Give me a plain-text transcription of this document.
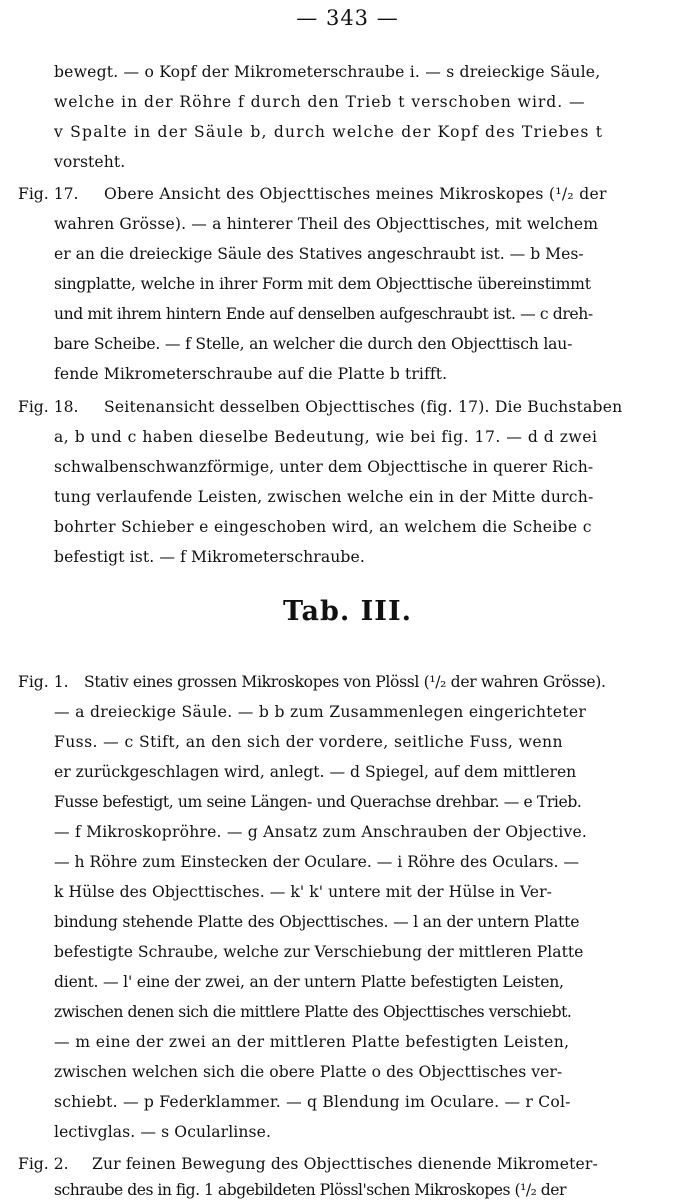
— 343 —
bewegt. — o Kopf der Mikrometerschraube i. — s dreieckige Säule,
welche in der Röhre f durch den Trieb t verschoben wird. —
v Spalte in der Säule b, durch welche der Kopf des Triebes t
vorsteht.
Fig. 17. Obere Ansicht des Objecttisches meines Mikroskopes (¹/₂ der
wahren Grösse). — a hinterer Theil des Objecttisches, mit welchem
er an die dreieckige Säule des Statives angeschraubt ist. — b Mes-
singplatte, welche in ihrer Form mit dem Objecttische übereinstimmt
und mit ihrem hintern Ende auf denselben aufgeschraubt ist. — c dreh-
bare Scheibe. — f Stelle, an welcher die durch den Objecttisch lau-
fende Mikrometerschraube auf die Platte b trifft.
Fig. 18. Seitenansicht desselben Objecttisches (fig. 17). Die Buchstaben
a, b und c haben dieselbe Bedeutung, wie bei fig. 17. — d d zwei
schwalbenschwanzförmige, unter dem Objecttische in querer Rich-
tung verlaufende Leisten, zwischen welche ein in der Mitte durch-
bohrter Schieber e eingeschoben wird, an welchem die Scheibe c
befestigt ist. — f Mikrometerschraube.
Tab. III.
Fig. 1. Stativ eines grossen Mikroskopes von Plössl (¹/₂ der wahren Grösse).
— a dreieckige Säule. — b b zum Zusammenlegen eingerichteter
Fuss. — c Stift, an den sich der vordere, seitliche Fuss, wenn
er zurückgeschlagen wird, anlegt. — d Spiegel, auf dem mittleren
Fusse befestigt, um seine Längen- und Querachse drehbar. — e Trieb.
— f Mikroskopröhre. — g Ansatz zum Anschrauben der Objective.
— h Röhre zum Einstecken der Oculare. — i Röhre des Oculars. —
k Hülse des Objecttisches. — k' k' untere mit der Hülse in Ver-
bindung stehende Platte des Objecttisches. — l an der untern Platte
befestigte Schraube, welche zur Verschiebung der mittleren Platte
dient. — l' eine der zwei, an der untern Platte befestigten Leisten,
zwischen denen sich die mittlere Platte des Objecttisches verschiebt.
— m eine der zwei an der mittleren Platte befestigten Leisten,
zwischen welchen sich die obere Platte o des Objecttisches ver-
schiebt. — p Federklammer. — q Blendung im Oculare. — r Col-
lectivglas. — s Ocularlinse.
Fig. 2. Zur feinen Bewegung des Objecttisches dienende Mikrometer-
schraube des in fig. 1 abgebildeten Plössl'schen Mikroskopes (¹/₂ der
